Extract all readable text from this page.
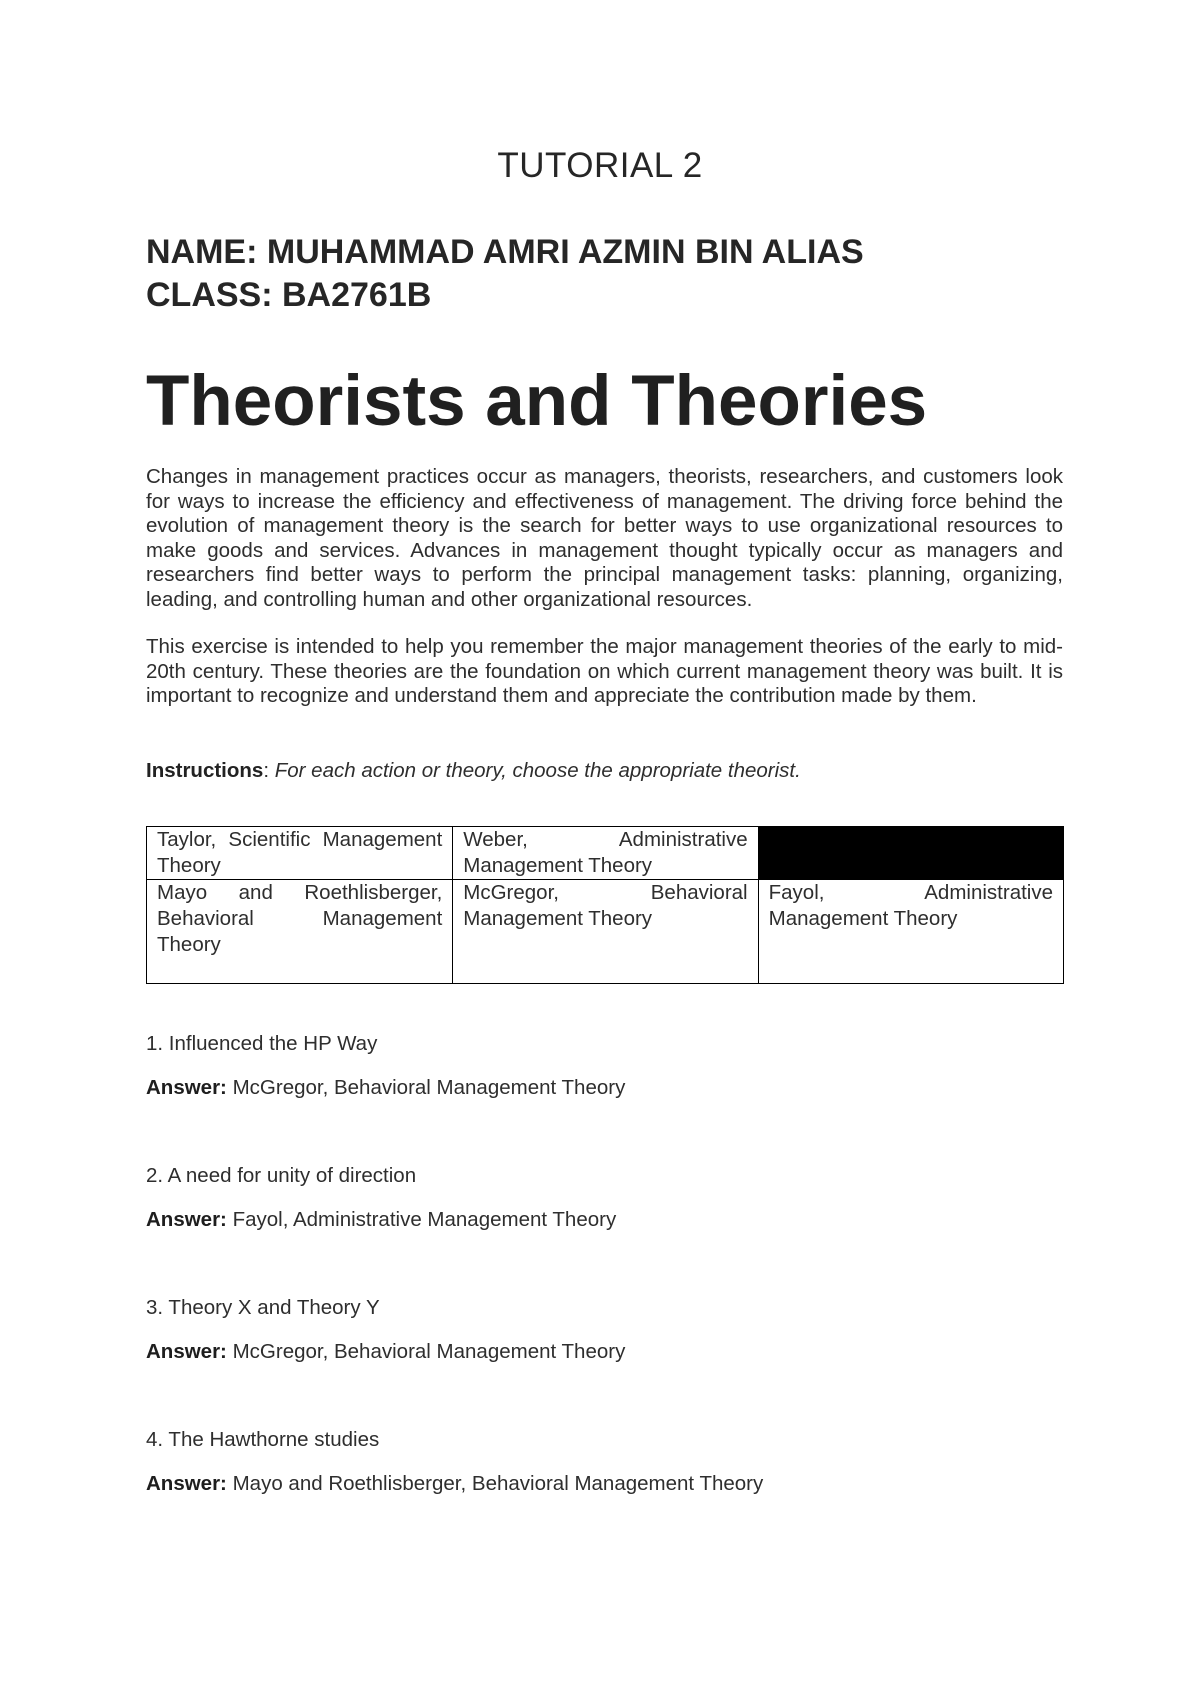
TUTORIAL 2
NAME: MUHAMMAD AMRI AZMIN BIN ALIAS
CLASS: BA2761B
Theorists and Theories

Changes in management practices occur as managers, theorists, researchers, and customers look for ways to increase the efficiency and effectiveness of management. The driving force behind the evolution of management theory is the search for better ways to use organizational resources to make goods and services. Advances in management thought typically occur as managers and researchers find better ways to perform the principal management tasks: planning, organizing, leading, and controlling human and other organizational resources.

This exercise is intended to help you remember the major management theories of the early to mid-20th century. These theories are the foundation on which current management theory was built. It is important to recognize and understand them and appreciate the contribution made by them.

Instructions: For each action or theory, choose the appropriate theorist.
Taylor, Scientific Management Theory	Weber, Administrative Management Theory	

Mayo and Roethlisberger, Behavioral Management Theory	McGregor, Behavioral Management Theory	Fayol, Administrative Management Theory

1. Influenced the HP Way

Answer: McGregor, Behavioral Management Theory

2. A need for unity of direction

Answer: Fayol, Administrative Management Theory

3. Theory X and Theory Y

Answer: McGregor, Behavioral Management Theory

4. The Hawthorne studies

Answer: Mayo and Roethlisberger, Behavioral Management Theory
